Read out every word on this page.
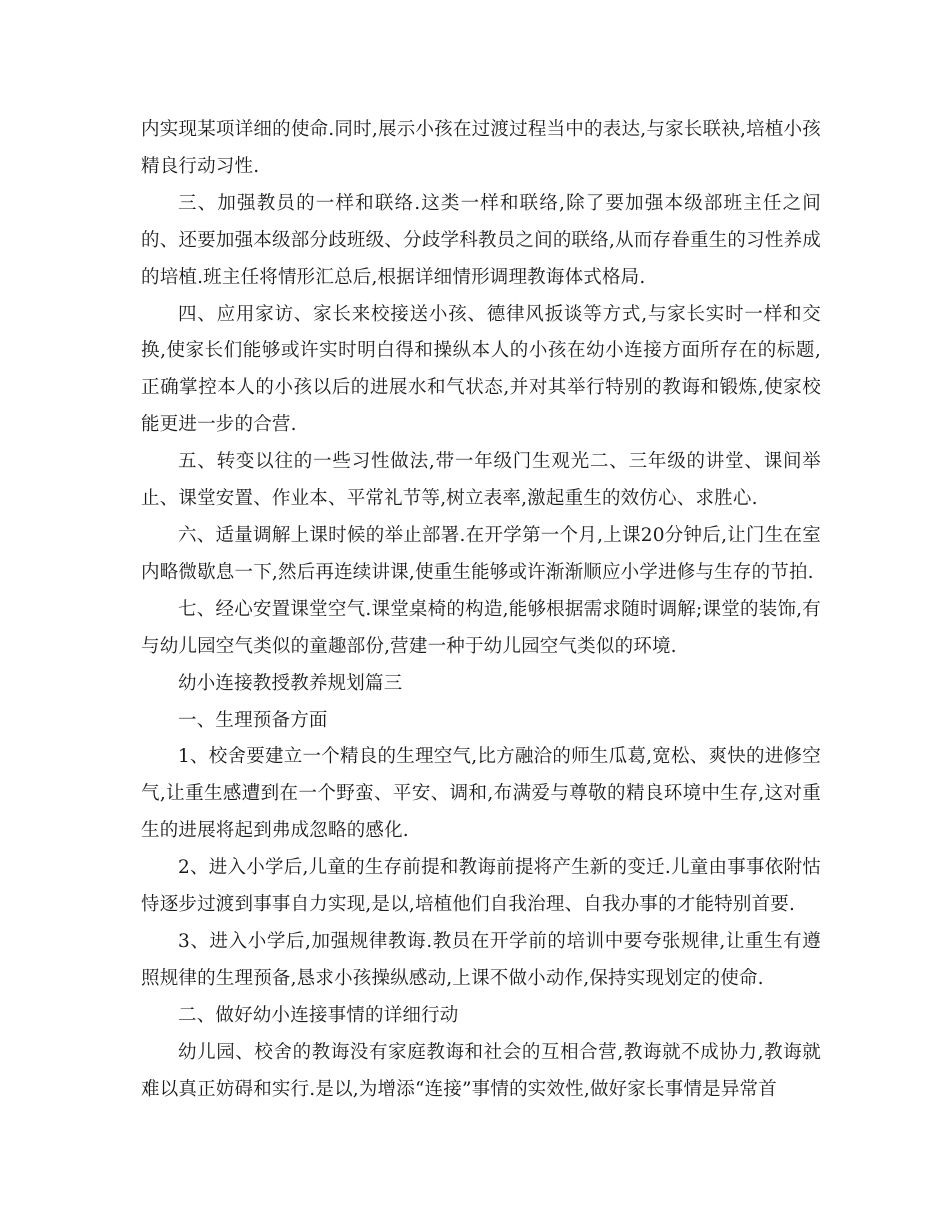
内实现某项详细的使命.同时,展示小孩在过渡过程当中的表达,与家长联袂,培植小孩精良行动习性.

三、加强教员的一样和联络.这类一样和联络,除了要加强本级部班主任之间的、还要加强本级部分歧班级、分歧学科教员之间的联络,从而存眷重生的习性养成的培植.班主任将情形汇总后,根据详细情形调理教诲体式格局.

四、应用家访、家长来校接送小孩、德律风扳谈等方式,与家长实时一样和交换,使家长们能够或许实时明白得和操纵本人的小孩在幼小连接方面所存在的标题,正确掌控本人的小孩以后的进展水和气状态,并对其举行特别的教诲和锻炼,使家校能更进一步的合营.

五、转变以往的一些习性做法,带一年级门生观光二、三年级的讲堂、课间举止、课堂安置、作业本、平常礼节等,树立表率,激起重生的效仿心、求胜心.

六、适量调解上课时候的举止部署.在开学第一个月,上课20分钟后,让门生在室内略微歇息一下,然后再连续讲课,使重生能够或许渐渐顺应小学进修与生存的节拍.

七、经心安置课堂空气.课堂桌椅的构造,能够根据需求随时调解;课堂的装饰,有与幼儿园空气类似的童趣部份,营建一种于幼儿园空气类似的环境.

幼小连接教授教养规划篇三

一、生理预备方面

1、校舍要建立一个精良的生理空气,比方融洽的师生瓜葛,宽松、爽快的进修空气,让重生感遭到在一个野蛮、平安、调和,布满爱与尊敬的精良环境中生存,这对重生的进展将起到弗成忽略的感化.

2、进入小学后,儿童的生存前提和教诲前提将产生新的变迁.儿童由事事依附怙恃逐步过渡到事事自力实现,是以,培植他们自我治理、自我办事的才能特别首要.

3、进入小学后,加强规律教诲.教员在开学前的培训中要夸张规律,让重生有遵照规律的生理预备,恳求小孩操纵感动,上课不做小动作,保持实现划定的使命.

二、做好幼小连接事情的详细行动

幼儿园、校舍的教诲没有家庭教诲和社会的互相合营,教诲就不成协力,教诲就难以真正妨碍和实行.是以,为增添“连接”事情的实效性,做好家长事情是异常首
